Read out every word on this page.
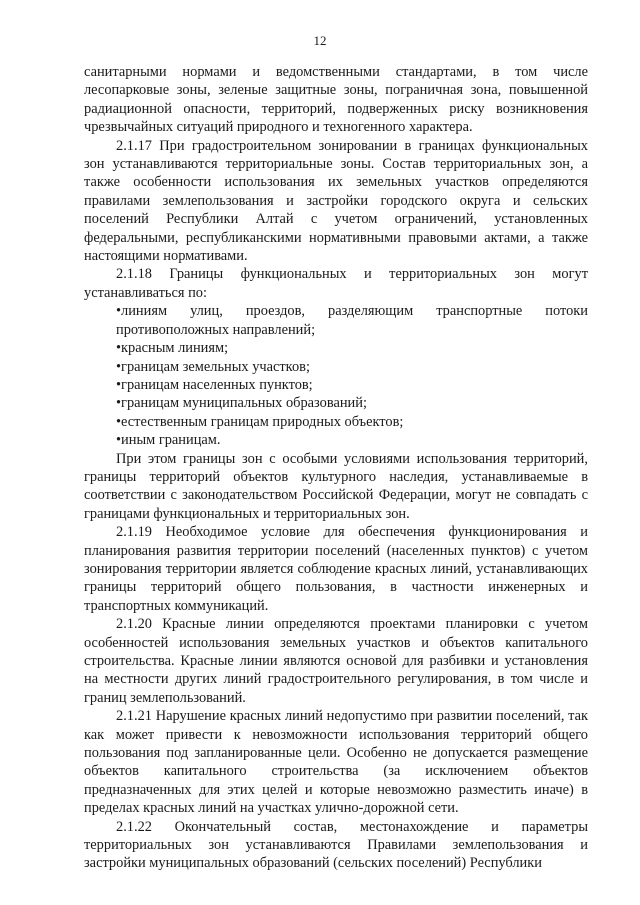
12

санитарными нормами и ведомственными стандартами, в том числе лесопарковые зоны, зеленые защитные зоны, пограничная зона, повышенной радиационной опасности, территорий, подверженных риску возникновения чрезвычайных ситуаций природного и техногенного характера.

2.1.17 При градостроительном зонировании в границах функциональных зон устанавливаются территориальные зоны. Состав территориальных зон, а также особенности использования их земельных участков определяются правилами землепользования и застройки городского округа и сельских поселений Республики Алтай с учетом ограничений, установленных федеральными, республиканскими нормативными правовыми актами, а также настоящими нормативами.

2.1.18 Границы функциональных и территориальных зон могут устанавливаться по:

•линиям улиц, проездов, разделяющим транспортные потоки противоположных направлений;

•красным линиям;

•границам земельных участков;

•границам населенных пунктов;

•границам муниципальных образований;

•естественным границам природных объектов;

•иным границам.

При этом границы зон с особыми условиями использования территорий, границы территорий объектов культурного наследия, устанавливаемые в соответствии с законодательством Российской Федерации, могут не совпадать с границами функциональных и территориальных зон.

2.1.19 Необходимое условие для обеспечения функционирования и планирования развития территории поселений (населенных пунктов) с учетом зонирования территории является соблюдение красных линий, устанавливающих границы территорий общего пользования, в частности инженерных и транспортных коммуникаций.

2.1.20 Красные линии определяются проектами планировки с учетом особенностей использования земельных участков и объектов капитального строительства. Красные линии являются основой для разбивки и установления на местности других линий градостроительного регулирования, в том числе и границ землепользований.

2.1.21 Нарушение красных линий недопустимо при развитии поселений, так как может привести к невозможности использования территорий общего пользования под запланированные цели. Особенно не допускается размещение объектов капитального строительства (за исключением объектов предназначенных для этих целей и которые невозможно разместить иначе) в пределах красных линий на участках улично-дорожной сети.

2.1.22 Окончательный состав, местонахождение и параметры территориальных зон устанавливаются Правилами землепользования и застройки муниципальных образований (сельских поселений) Республики
